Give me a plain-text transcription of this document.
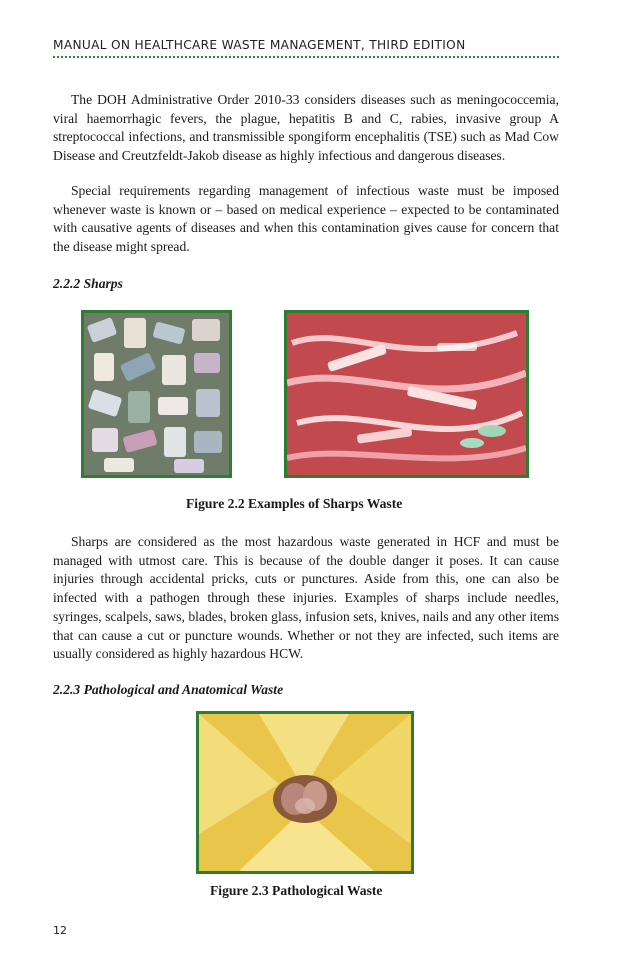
MANUAL ON HEALTHCARE WASTE MANAGEMENT, THIRD EDITION

The DOH Administrative Order 2010-33 considers diseases such as meningococcemia, viral haemorrhagic fevers, the plague, hepatitis B and C, rabies, invasive group A streptococcal infections, and transmissible spongiform encephalitis (TSE) such as Mad Cow Disease and Creutzfeldt-Jakob disease as highly infectious and dangerous diseases.

Special requirements regarding management of infectious waste must be imposed whenever waste is known or – based on medical experience – expected to be contaminated with causative agents of diseases and when this contamination gives cause for concern that the disease might spread.

2.2.2 Sharps
Figure 2.2 Examples of Sharps Waste

Sharps are considered as the most hazardous waste generated in HCF and must be managed with utmost care. This is because of the double danger it poses. It can cause injuries through accidental pricks, cuts or punctures. Aside from this, one can also be infected with a pathogen through these injuries. Examples of sharps include needles, syringes, scalpels, saws, blades, broken glass, infusion sets, knives, nails and any other items that can cause a cut or puncture wounds. Whether or not they are infected, such items are usually considered as highly hazardous HCW.

2.2.3 Pathological and Anatomical Waste
Figure 2.3 Pathological Waste
12
